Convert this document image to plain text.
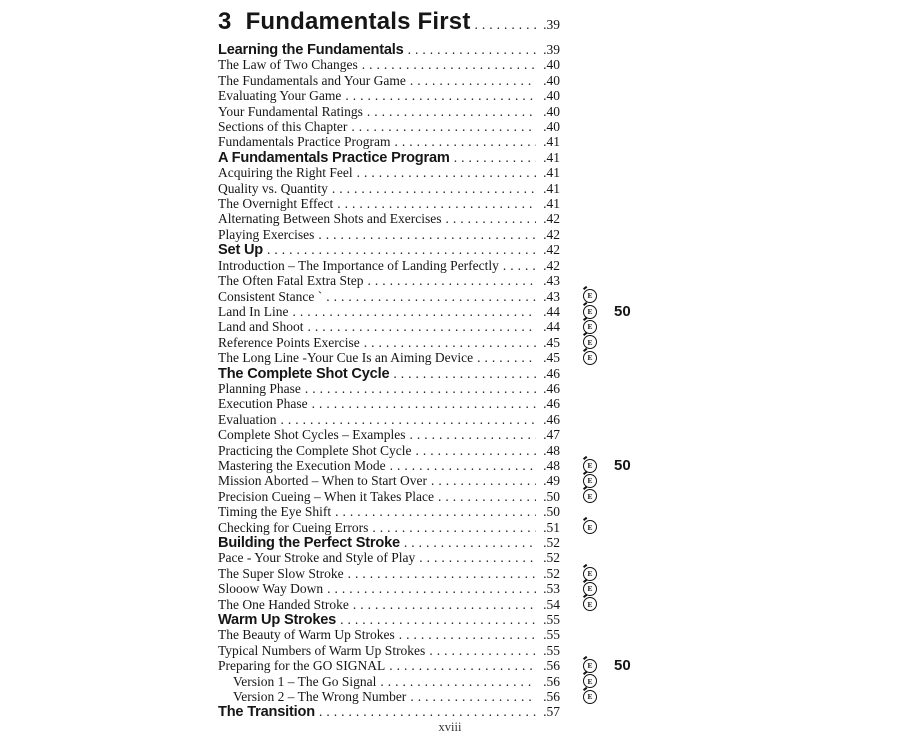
3 Fundamentals First .....	. 39
Learning the Fundamentals .....	. 39
The Law of Two Changes .....	. 40
The Fundamentals and Your Game .....	. 40
Evaluating Your Game .....	. 40
Your Fundamental Ratings .....	. 40
Sections of this Chapter .....	. 40
Fundamentals Practice Program .....	. 41
A Fundamentals Practice Program .....	. 41
Acquiring the Right Feel .....	. 41
Quality vs. Quantity .....	. 41
The Overnight Effect .....	. 41
Alternating Between Shots and Exercises .....	. 42
Playing Exercises .....	. 42
Set Up .....	. 42
Introduction – The Importance of Landing Perfectly .....	. 42
The Often Fatal Extra Step .....	. 43
Consistent Stance ` .....	. 43	E
Land In Line .....	. 44	E 50
Land and Shoot .....	. 44	E
Reference Points Exercise .....	. 45	E
The Long Line -Your Cue Is an Aiming Device .....	. 45	E
The Complete Shot Cycle .....	. 46
Planning Phase .....	. 46
Execution Phase .....	. 46
Evaluation .....	. 46
Complete Shot Cycles – Examples .....	. 47
Practicing the Complete Shot Cycle .....	. 48
Mastering the Execution Mode .....	. 48	E 50
Mission Aborted – When to Start Over .....	. 49	E
Precision Cueing – When it Takes Place .....	. 50	E
Timing the Eye Shift .....	. 50
Checking for Cueing Errors .....	. 51	E
Building the Perfect Stroke .....	. 52
Pace - Your Stroke and Style of Play .....	. 52
The Super Slow Stroke .....	. 52	E
Slooow Way Down .....	. 53	E
The One Handed Stroke .....	. 54	E
Warm Up Strokes .....	. 55
The Beauty of Warm Up Strokes .....	. 55
Typical Numbers of Warm Up Strokes .....	. 55
Preparing for the GO SIGNAL .....	. 56	E 50
Version 1 – The Go Signal .....	. 56	E
Version 2 – The Wrong Number .....	. 56	E
The Transition .....	. 57
xviii
